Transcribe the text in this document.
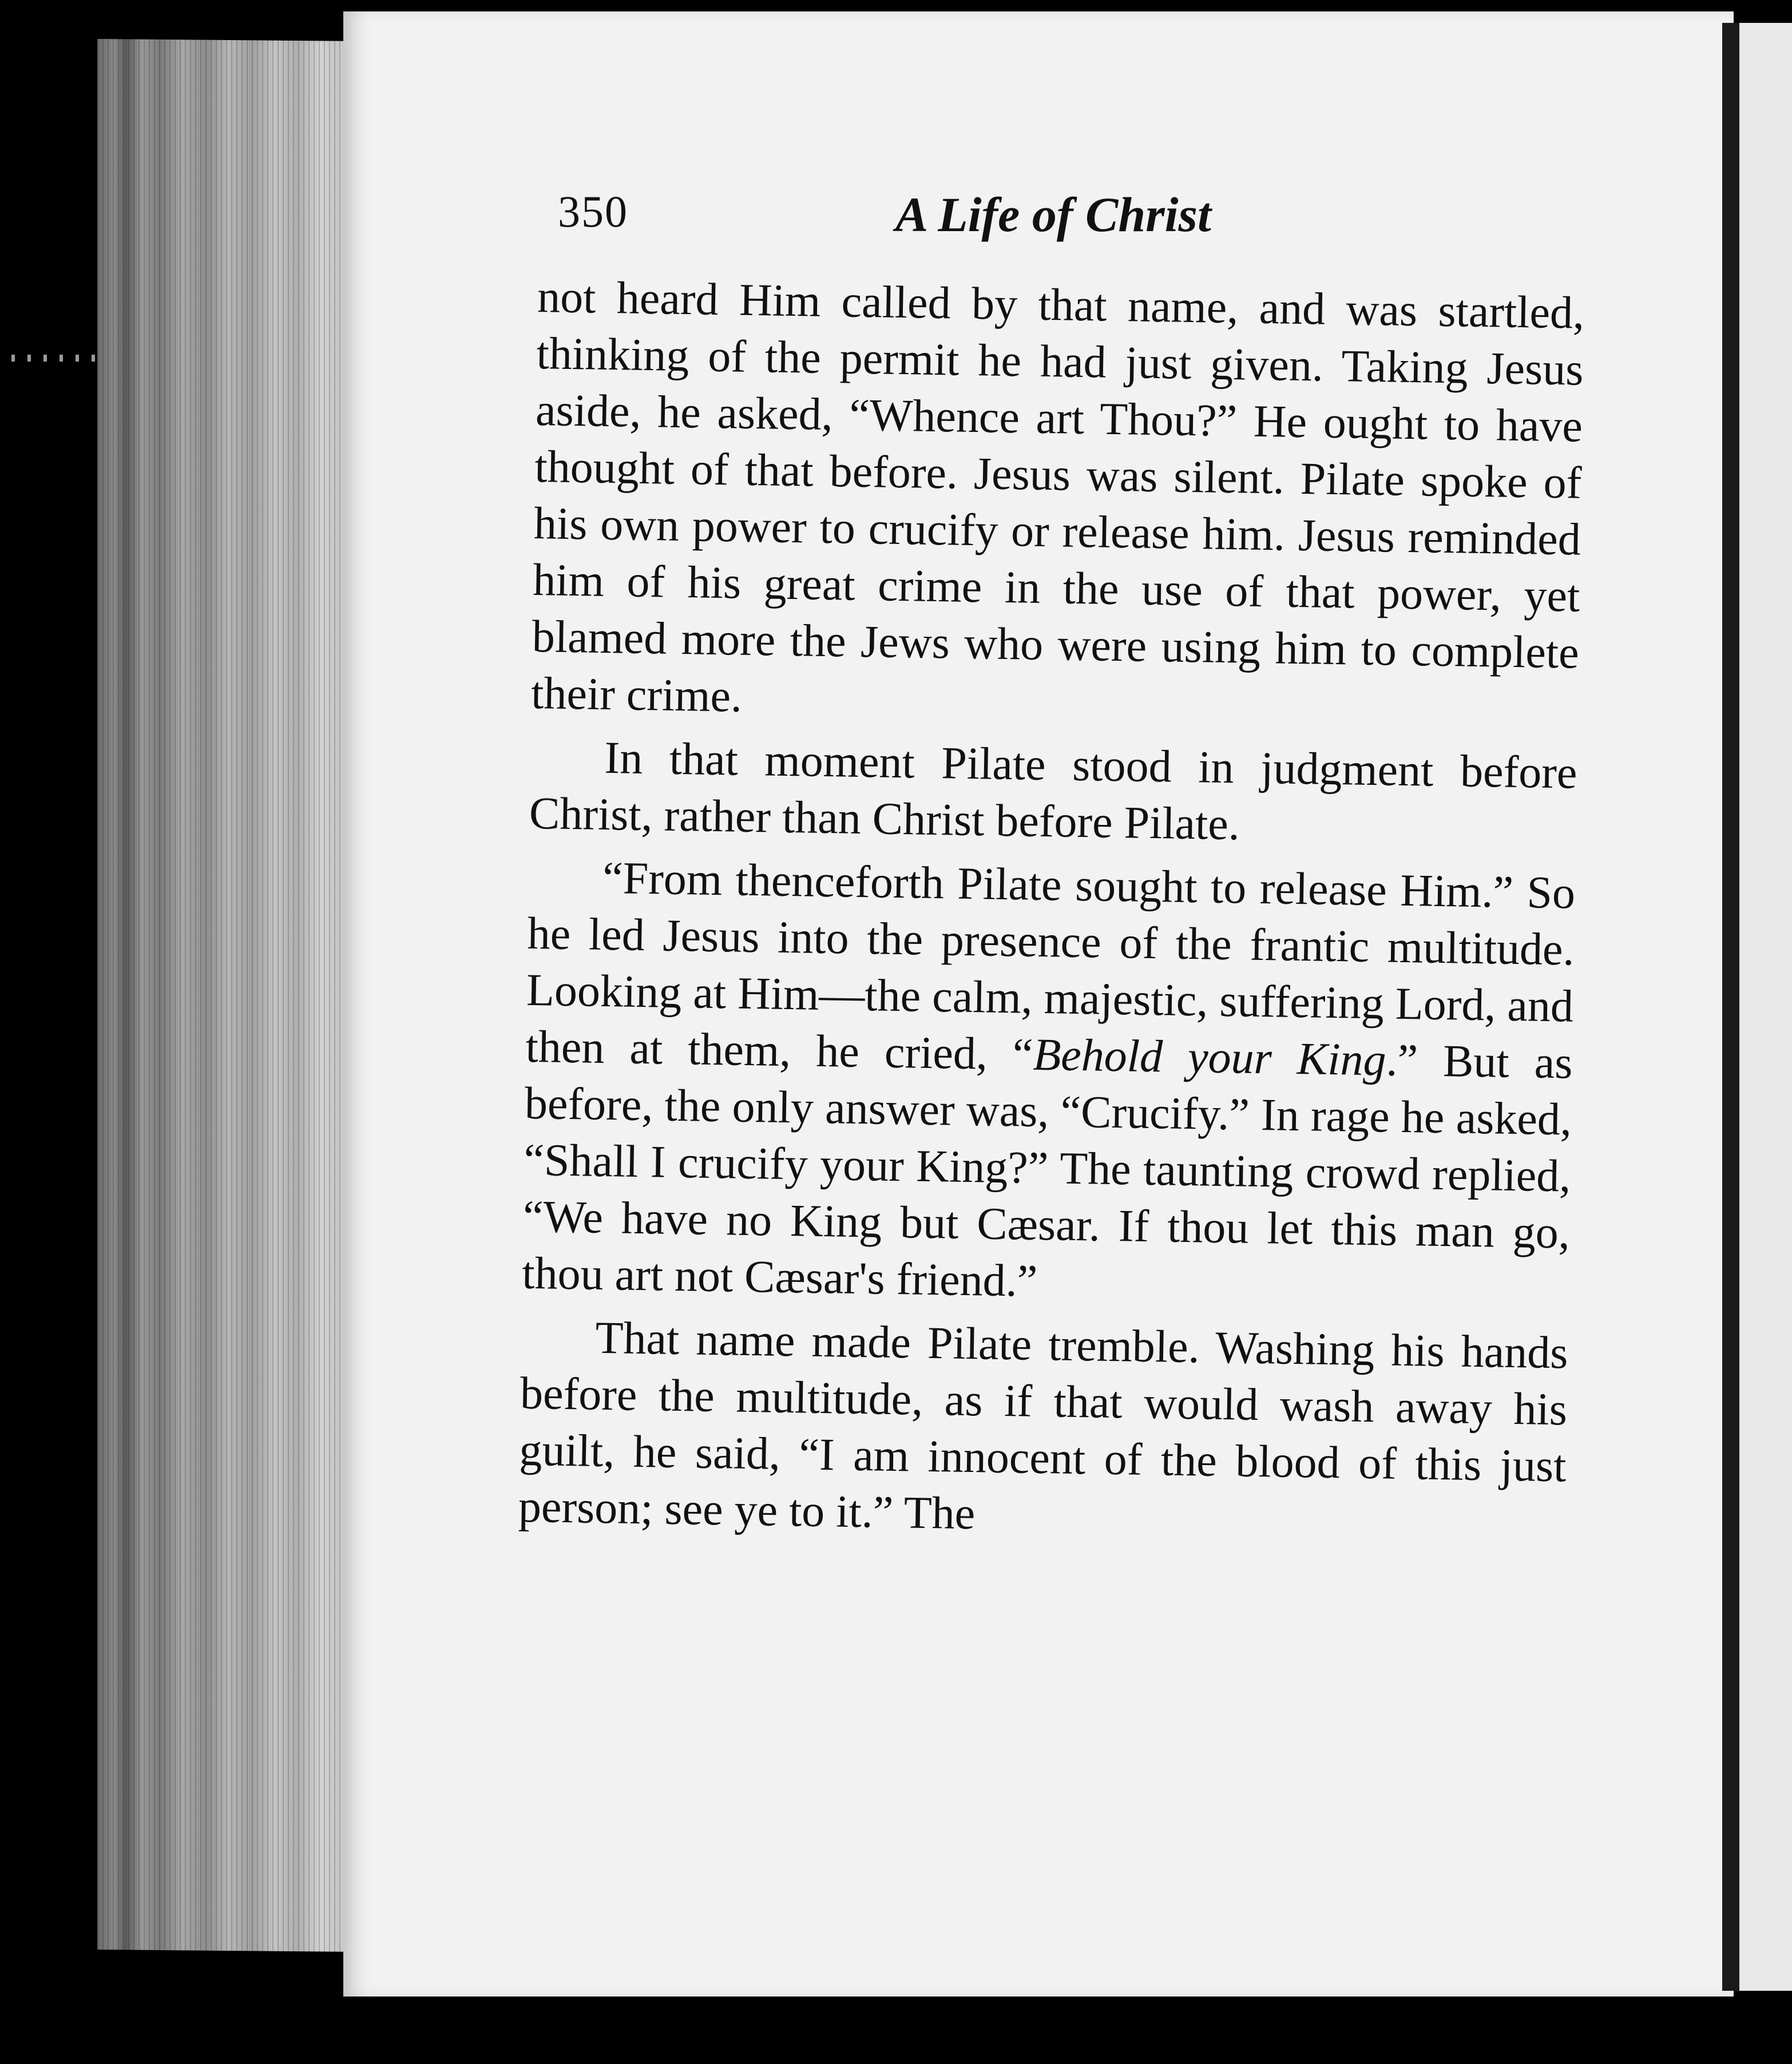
350	A Life of Christ

not heard Him called by that name, and was startled, thinking of the permit he had just given. Taking Jesus aside, he asked, “Whence art Thou?” He ought to have thought of that before. Jesus was silent. Pilate spoke of his own power to crucify or release him. Jesus reminded him of his great crime in the use of that power, yet blamed more the Jews who were using him to complete their crime.

In that moment Pilate stood in judgment before Christ, rather than Christ before Pilate.

“From thenceforth Pilate sought to release Him.” So he led Jesus into the presence of the frantic multitude. Looking at Him—the calm, majestic, suffering Lord, and then at them, he cried, “Behold your King.” But as before, the only answer was, “Crucify.” In rage he asked, “Shall I crucify your King?” The taunting crowd replied, “We have no King but Cæsar. If thou let this man go, thou art not Cæsar's friend.”

That name made Pilate tremble. Washing his hands before the multitude, as if that would wash away his guilt, he said, “I am innocent of the blood of this just person; see ye to it.” The
